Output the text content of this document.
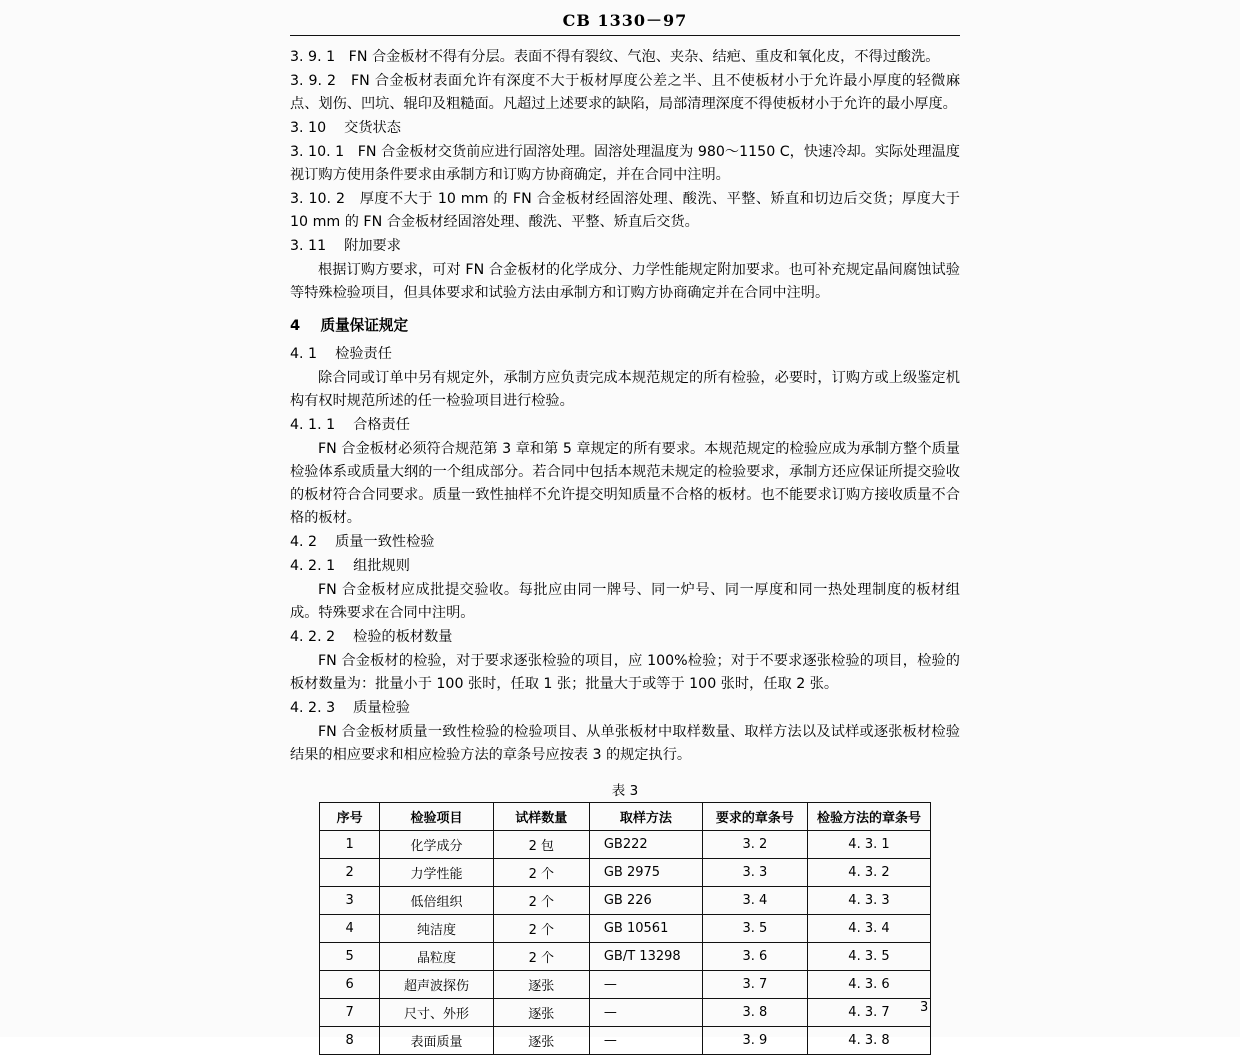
CB 1330－97

3. 9. 1 FN 合金板材不得有分层。表面不得有裂纹、气泡、夹杂、结疤、重皮和氧化皮，不得过酸洗。

3. 9. 2 FN 合金板材表面允许有深度不大于板材厚度公差之半、且不使板材小于允许最小厚度的轻微麻点、划伤、凹坑、辊印及粗糙面。凡超过上述要求的缺陷，局部清理深度不得使板材小于允许的最小厚度。

3. 10 交货状态

3. 10. 1 FN 合金板材交货前应进行固溶处理。固溶处理温度为 980～1150 C，快速冷却。实际处理温度视订购方使用条件要求由承制方和订购方协商确定，并在合同中注明。

3. 10. 2 厚度不大于 10 mm 的 FN 合金板材经固溶处理、酸洗、平整、矫直和切边后交货；厚度大于 10 mm 的 FN 合金板材经固溶处理、酸洗、平整、矫直后交货。

3. 11 附加要求

根据订购方要求，可对 FN 合金板材的化学成分、力学性能规定附加要求。也可补充规定晶间腐蚀试验等特殊检验项目，但具体要求和试验方法由承制方和订购方协商确定并在合同中注明。

4 质量保证规定

4. 1 检验责任

除合同或订单中另有规定外，承制方应负责完成本规范规定的所有检验，必要时，订购方或上级鉴定机构有权时规范所述的任一检验项目进行检验。

4. 1. 1 合格责任

FN 合金板材必须符合规范第 3 章和第 5 章规定的所有要求。本规范规定的检验应成为承制方整个质量检验体系或质量大纲的一个组成部分。若合同中包括本规范未规定的检验要求，承制方还应保证所提交验收的板材符合合同要求。质量一致性抽样不允许提交明知质量不合格的板材。也不能要求订购方接收质量不合格的板材。

4. 2 质量一致性检验

4. 2. 1 组批规则

FN 合金板材应成批提交验收。每批应由同一牌号、同一炉号、同一厚度和同一热处理制度的板材组成。特殊要求在合同中注明。

4. 2. 2 检验的板材数量

FN 合金板材的检验，对于要求逐张检验的项目，应 100%检验；对于不要求逐张检验的项目，检验的板材数量为：批量小于 100 张时，任取 1 张；批量大于或等于 100 张时，任取 2 张。

4. 2. 3 质量检验

FN 合金板材质量一致性检验的检验项目、从单张板材中取样数量、取样方法以及试样或逐张板材检验结果的相应要求和相应检验方法的章条号应按表 3 的规定执行。

表 3
序号	检验项目	试样数量	取样方法	要求的章条号	检验方法的章条号
1	化学成分	2 包	GB222	3. 2	4. 3. 1
2	力学性能	2 个	GB 2975	3. 3	4. 3. 2
3	低倍组织	2 个	GB 226	3. 4	4. 3. 3
4	纯洁度	2 个	GB 10561	3. 5	4. 3. 4
5	晶粒度	2 个	GB/T 13298	3. 6	4. 3. 5
6	超声波探伤	逐张	—	3. 7	4. 3. 6
7	尺寸、外形	逐张	—	3. 8	4. 3. 7
8	表面质量	逐张	—	3. 9	4. 3. 8
3
